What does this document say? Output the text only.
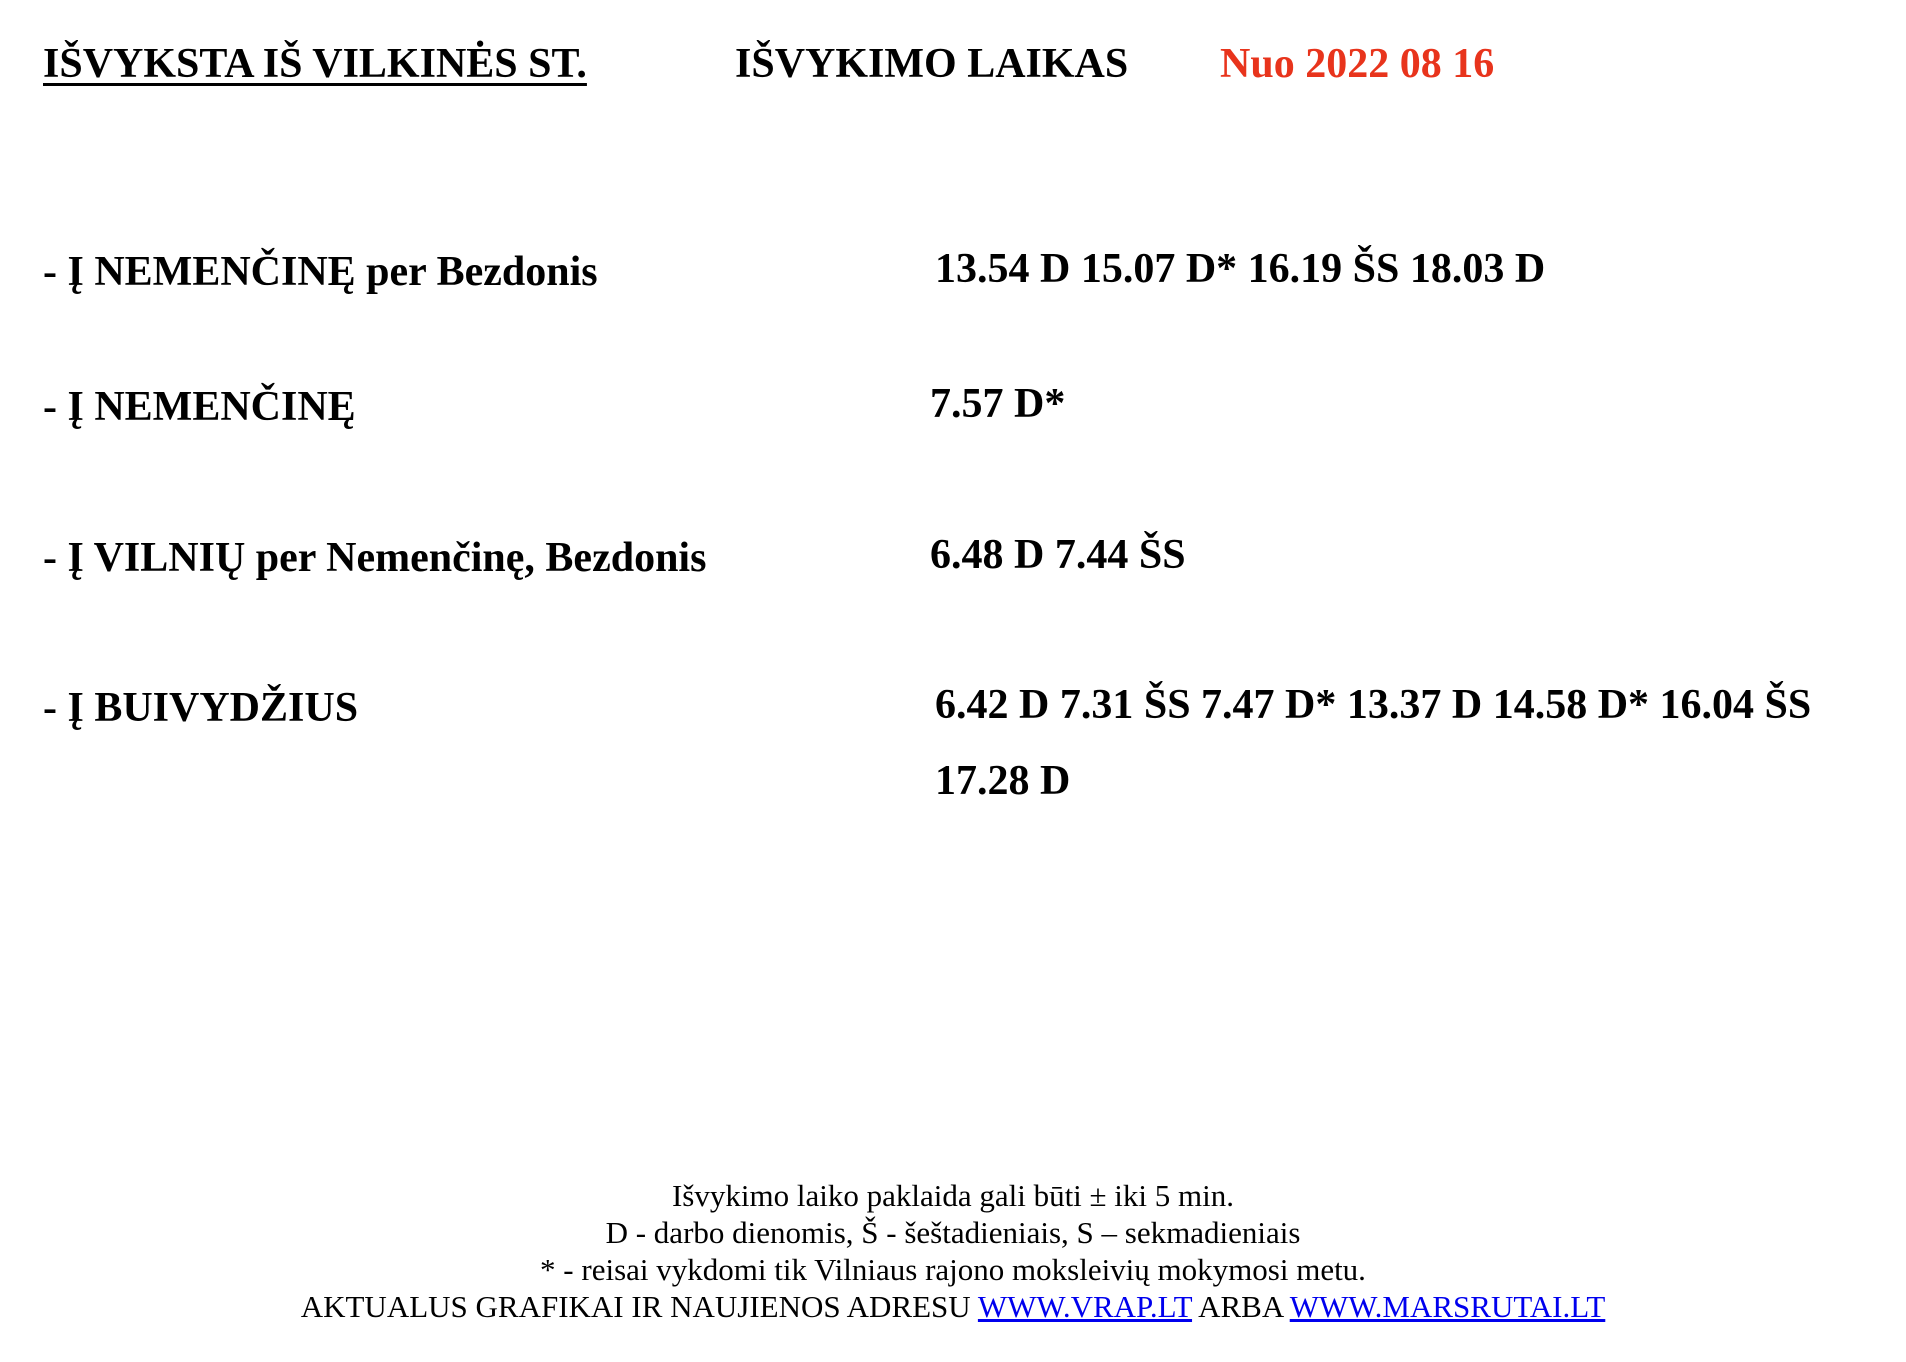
IŠVYKSTA IŠ VILKINĖS ST.	IŠVYKIMO LAIKAS Nuo 2022 08 16
- Į NEMENČINĘ per Bezdonis	13.54 D 15.07 D* 16.19 ŠS 18.03 D
- Į NEMENČINĘ	7.57 D*
- Į VILNIŲ per Nemenčinę, Bezdonis	6.48 D 7.44 ŠS
- Į BUIVYDŽIUS	6.42 D 7.31 ŠS 7.47 D* 13.37 D 14.58 D* 16.04 ŠS 17.28 D
Išvykimo laiko paklaida gali būti ± iki 5 min.
D - darbo dienomis, Š - šeštadieniais, S – sekmadieniais
* - reisai vykdomi tik Vilniaus rajono moksleivių mokymosi metu.
AKTUALUS GRAFIKAI IR NAUJIENOS ADRESU WWW.VRAP.LT ARBA WWW.MARSRUTAI.LT
